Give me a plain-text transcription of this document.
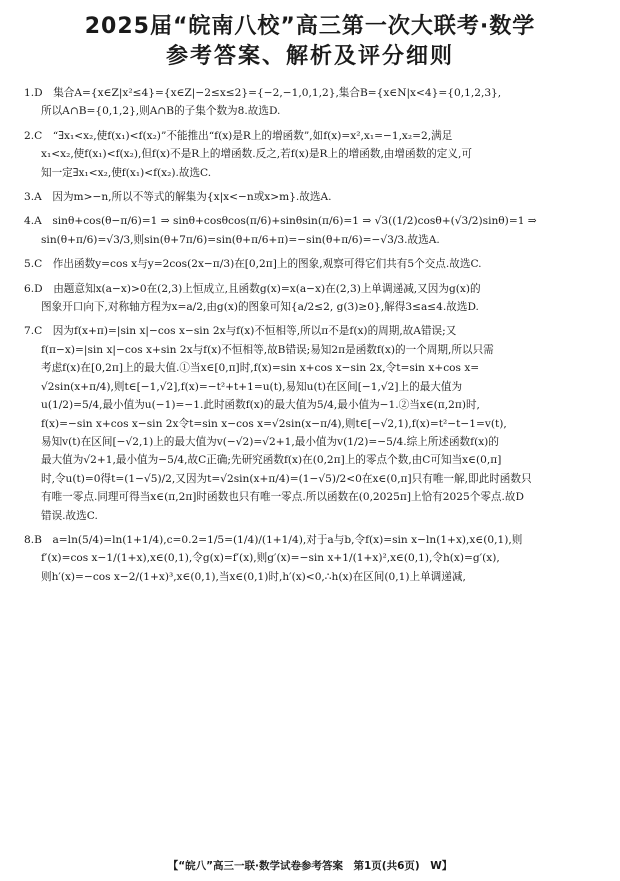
2025届“皖南八校”高三第一次大联考·数学
参考答案、解析及评分细则
1.D　集合A={x∈Z|x²≤4}={x∈Z|−2≤x≤2}={−2,−1,0,1,2},集合B={x∈N|x<4}={0,1,2,3},
所以A∩B={0,1,2},则A∩B的子集个数为8.故选D.
2.C　“∃x₁<x₂,使f(x₁)<f(x₂)”不能推出“f(x)是R上的增函数”,如f(x)=x²,x₁=−1,x₂=2,满足
x₁<x₂,使f(x₁)<f(x₂),但f(x)不是R上的增函数.反之,若f(x)是R上的增函数,由增函数的定义,可
知一定∃x₁<x₂,使f(x₁)<f(x₂).故选C.
3.A　因为m>−n,所以不等式的解集为{x|x<−n或x>m}.故选A.
4.A　sinθ+cos(θ−π/6)=1 ⇒ sinθ+cosθcos(π/6)+sinθsin(π/6)=1 ⇒ √3((1/2)cosθ+(√3/2)sinθ)=1 ⇒
sin(θ+π/6)=√3/3,则sin(θ+7π/6)=sin(θ+π/6+π)=−sin(θ+π/6)=−√3/3.故选A.
5.C　作出函数y=cos x与y=2cos(2x−π/3)在[0,2π]上的图象,观察可得它们共有5个交点.故选C.
6.D　由题意知x(a−x)>0在(2,3)上恒成立,且函数g(x)=x(a−x)在(2,3)上单调递减,又因为g(x)的
图象开口向下,对称轴方程为x=a/2,由g(x)的图象可知{a/2≤2, g(3)≥0},解得3≤a≤4.故选D.
7.C　因为f(x+π)=|sin x|−cos x−sin 2x与f(x)不恒相等,所以π不是f(x)的周期,故A错误;又
f(π−x)=|sin x|−cos x+sin 2x与f(x)不恒相等,故B错误;易知2π是函数f(x)的一个周期,所以只需
考虑f(x)在[0,2π]上的最大值.①当x∈[0,π]时,f(x)=sin x+cos x−sin 2x,令t=sin x+cos x=
√2sin(x+π/4),则t∈[−1,√2],f(x)=−t²+t+1=u(t),易知u(t)在区间[−1,√2]上的最大值为
u(1/2)=5/4,最小值为u(−1)=−1.此时函数f(x)的最大值为5/4,最小值为−1.②当x∈(π,2π)时,
f(x)=−sin x+cos x−sin 2x令t=sin x−cos x=√2sin(x−π/4),则t∈[−√2,1),f(x)=t²−t−1=v(t),
易知v(t)在区间[−√2,1)上的最大值为v(−√2)=√2+1,最小值为v(1/2)=−5/4.综上所述函数f(x)的
最大值为√2+1,最小值为−5/4,故C正确;先研究函数f(x)在(0,2π]上的零点个数,由C可知当x∈(0,π]
时,令u(t)=0得t=(1−√5)/2,又因为t=√2sin(x+π/4)=(1−√5)/2<0在x∈(0,π]只有唯一解,即此时函数只
有唯一零点.同理可得当x∈(π,2π]时函数也只有唯一零点.所以函数在(0,2025π]上恰有2025个零点.故D
错误.故选C.
8.B　a=ln(5/4)=ln(1+1/4),c=0.2=1/5=(1/4)/(1+1/4),对于a与b,令f(x)=sin x−ln(1+x),x∈(0,1),则
f′(x)=cos x−1/(1+x),x∈(0,1),令g(x)=f′(x),则g′(x)=−sin x+1/(1+x)²,x∈(0,1),令h(x)=g′(x),
则h′(x)=−cos x−2/(1+x)³,x∈(0,1),当x∈(0,1)时,h′(x)<0,∴h(x)在区间(0,1)上单调递减,
【“皖八”高三一联·数学试卷参考答案　第1页(共6页)　W】
